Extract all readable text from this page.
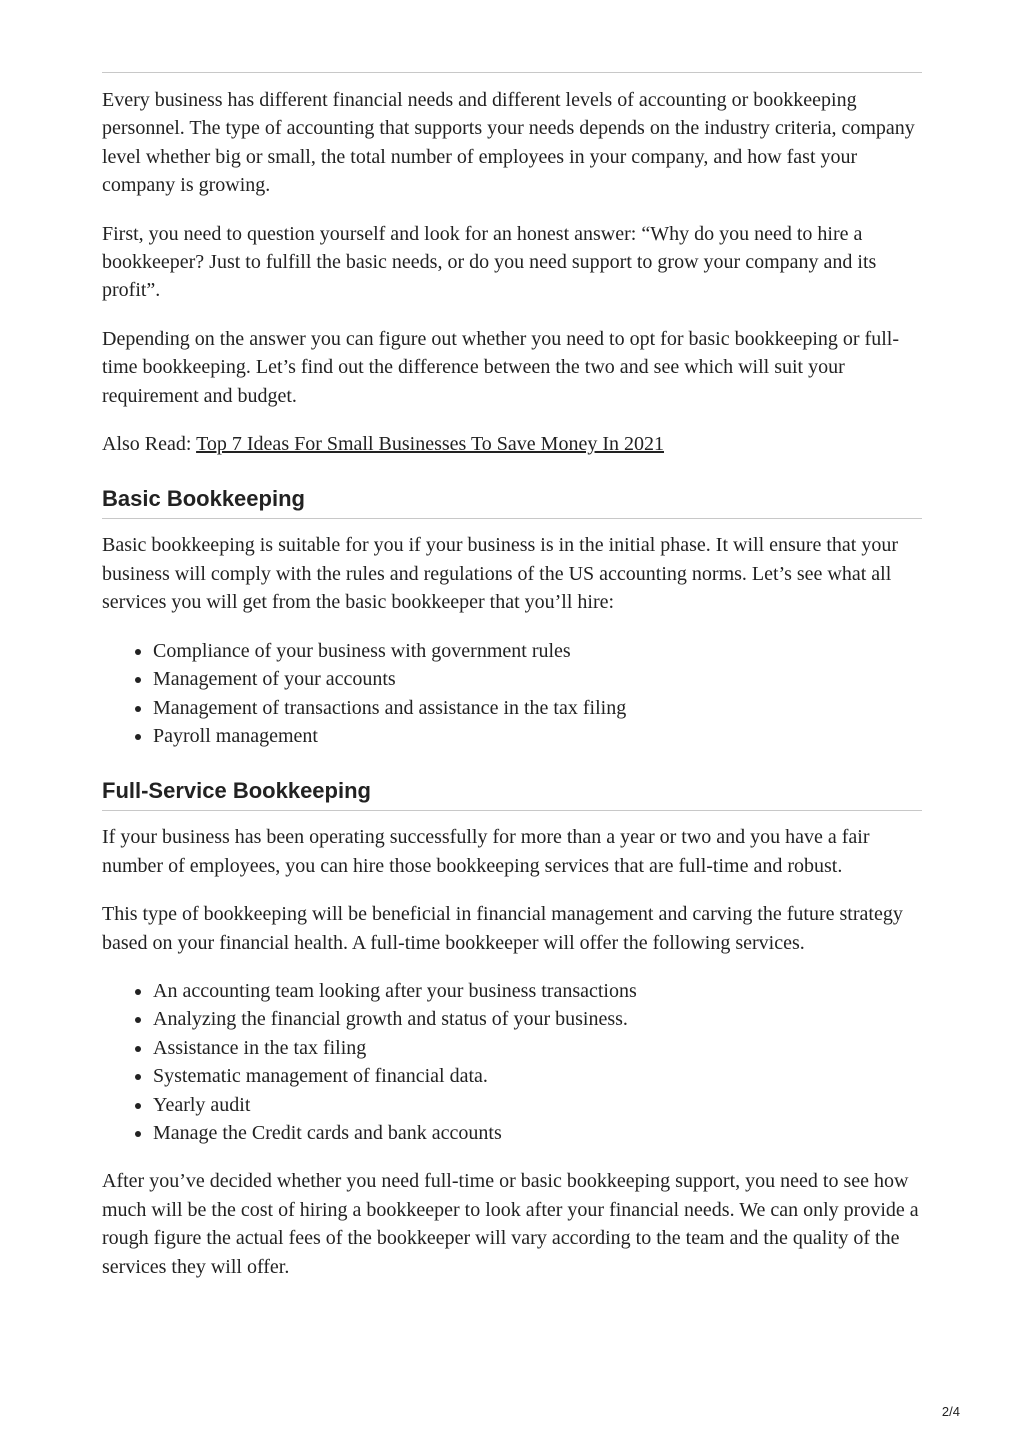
Every business has different financial needs and different levels of accounting or bookkeeping personnel. The type of accounting that supports your needs depends on the industry criteria, company level whether big or small, the total number of employees in your company, and how fast your company is growing.

First, you need to question yourself and look for an honest answer: “Why do you need to hire a bookkeeper? Just to fulfill the basic needs, or do you need support to grow your company and its profit”.

Depending on the answer you can figure out whether you need to opt for basic bookkeeping or full-time bookkeeping. Let’s find out the difference between the two and see which will suit your requirement and budget.

Also Read: Top 7 Ideas For Small Businesses To Save Money In 2021

Basic Bookkeeping

Basic bookkeeping is suitable for you if your business is in the initial phase. It will ensure that your business will comply with the rules and regulations of the US accounting norms. Let’s see what all services you will get from the basic bookkeeper that you’ll hire:

• Compliance of your business with government rules
• Management of your accounts
• Management of transactions and assistance in the tax filing
• Payroll management
Full-Service Bookkeeping

If your business has been operating successfully for more than a year or two and you have a fair number of employees, you can hire those bookkeeping services that are full-time and robust.

This type of bookkeeping will be beneficial in financial management and carving the future strategy based on your financial health. A full-time bookkeeper will offer the following services.

• An accounting team looking after your business transactions
• Analyzing the financial growth and status of your business.
• Assistance in the tax filing
• Systematic management of financial data.
• Yearly audit
• Manage the Credit cards and bank accounts

After you’ve decided whether you need full-time or basic bookkeeping support, you need to see how much will be the cost of hiring a bookkeeper to look after your financial needs. We can only provide a rough figure the actual fees of the bookkeeper will vary according to the team and the quality of the services they will offer.

2/4
